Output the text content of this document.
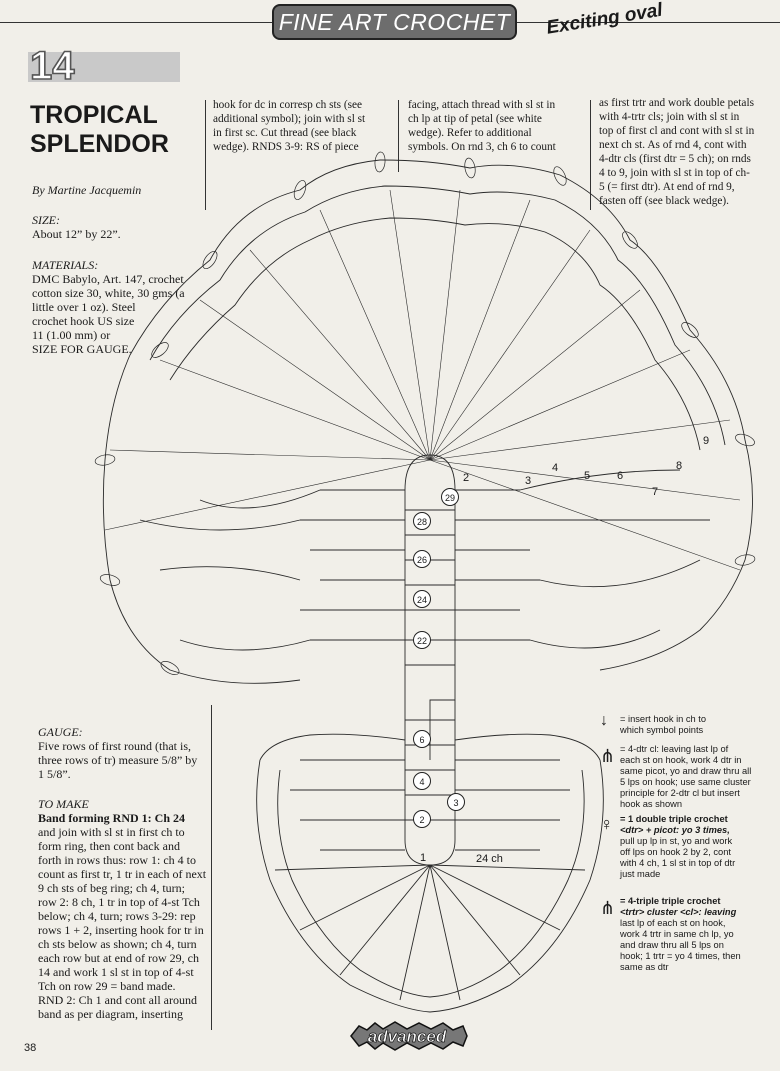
FINE ART CROCHET	Exciting oval
14
TROPICAL
SPLENDOR
By Martine Jacquemin
SIZE:
About 12” by 22”.
MATERIALS:
DMC Babylo, Art. 147, crochet
cotton size 30, white, 30 gms (a
little over 1 oz). Steel
crochet hook US size
11 (1.00 mm) or
SIZE FOR GAUGE.
hook for dc in corresp ch sts (see
additional symbol); join with sl st
in first sc. Cut thread (see black
wedge). RNDS 3-9: RS of piece
facing, attach thread with sl st in
ch lp at tip of petal (see white
wedge). Refer to additional
symbols. On rnd 3, ch 6 to count
as first trtr and work double petals
with 4-trtr cls; join with sl st in
top of first cl and cont with sl st in
next ch st. As of rnd 4, cont with
4-dtr cls (first dtr = 5 ch); on rnds
4 to 9, join with sl st in top of ch-
5 (= first dtr). At end of rnd 9,
fasten off (see black wedge).
GAUGE:
Five rows of first round (that is,
three rows of tr) measure 5/8” by
1 5/8”.
TO MAKE
Band forming RND 1: Ch 24
and join with sl st in first ch to
form ring, then cont back and
forth in rows thus: row 1: ch 4 to
count as first tr, 1 tr in each of next
9 ch sts of beg ring; ch 4, turn;
row 2: 8 ch, 1 tr in top of 4-st Tch
below; ch 4, turn; rows 3-29: rep
rows 1 + 2, inserting hook for tr in
ch sts below as shown; ch 4, turn
each row but at end of row 29, ch
14 and work 1 sl st in top of 4-st
Tch on row 29 = band made.
RND 2: Ch 1 and cont all around
band as per diagram, inserting
29
28
26
24
22
6
4
3
2
1
2	3
4
5 6
7
8
9
24 ch
↓ = insert hook in ch to
which symbol points
⋔ = 4-dtr cl: leaving last lp of
each st on hook, work 4 dtr in
same picot, yo and draw thru all
5 lps on hook; use same cluster
principle for 2-dtr cl but insert
hook as shown
♀ = 1 double triple crochet
<dtr> + picot: yo 3 times,
pull up lp in st, yo and work
off lps on hook 2 by 2, cont
with 4 ch, 1 sl st in top of dtr
just made
⋔ = 4-triple triple crochet
<trtr> cluster <cl>: leaving
last lp of each st on hook,
work 4 trtr in same ch lp, yo
and draw thru all 5 lps on
hook; 1 trtr = yo 4 times, then
same as dtr
advanced
38
